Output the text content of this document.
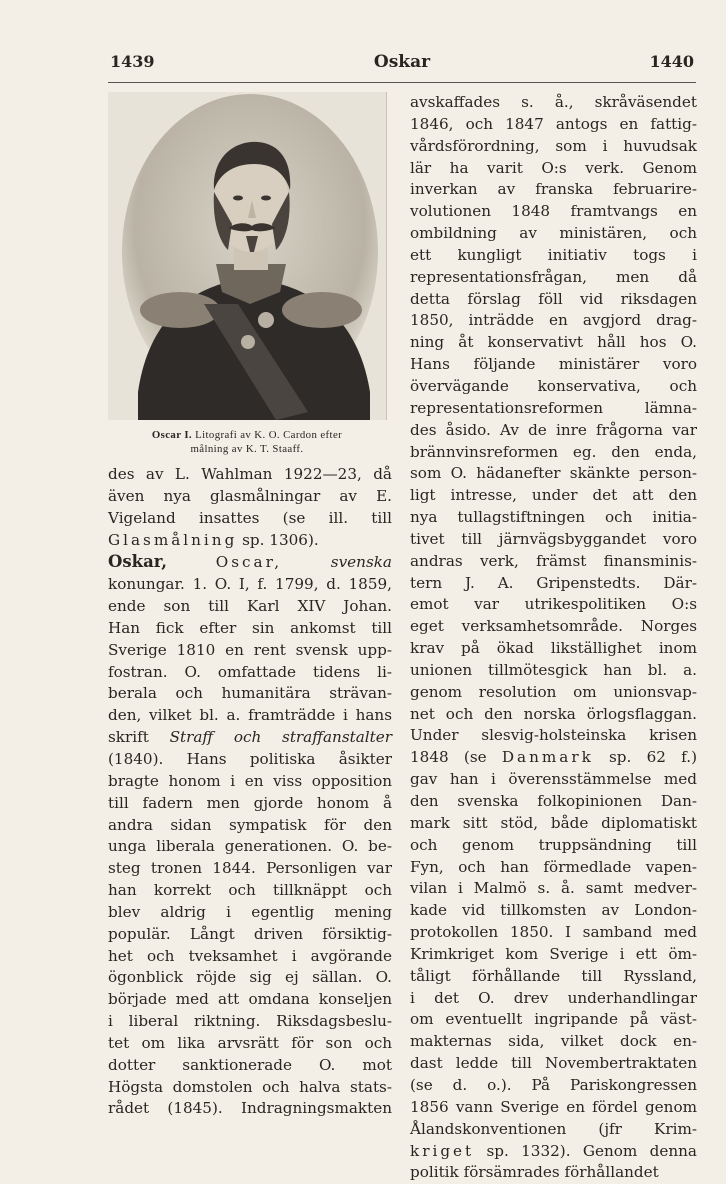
1439	Oskar	1440
Oscar I. Litografi av K. O. Cardon efter
målning av K. T. Staaff.
des av L. Wahlman 1922—23, då
även nya glasmålningar av E.
Vigeland insattes (se ill. till
Glasmålning sp. 1306).
Oskar,	Oscar,	svenska
konungar. 1. O. I, f. 1799, d. 1859,
ende son till Karl XIV Johan.
Han fick efter sin ankomst till
Sverige 1810 en rent svensk upp-
fostran. O. omfattade tidens li-
berala och humanitära strävan-
den, vilket bl. a. framträdde i hans
skrift Straff och straffanstalter
(1840). Hans politiska åsikter
bragte honom i en viss opposition
till fadern men gjorde honom å
andra sidan sympatisk för den
unga liberala generationen. O. be-
steg tronen 1844. Personligen var
han korrekt och tillknäppt och
blev aldrig i egentlig mening
populär. Långt driven försiktig-
het och tveksamhet i avgörande
ögonblick röjde sig ej sällan. O.
började med att omdana konseljen
i liberal riktning. Riksdagsbeslu-
tet om lika arvsrätt för son och
dotter sanktionerade O. mot
Högsta domstolen och halva stats-
rådet (1845). Indragningsmakten
avskaffades s. å., skråväsendet
1846, och 1847 antogs en fattig-
vårdsförordning, som i huvudsak
lär ha varit O:s verk. Genom
inverkan av franska februarire-
volutionen 1848 framtvangs en
ombildning av ministären, och
ett kungligt initiativ togs i
representationsfrågan, men då
detta förslag föll vid riksdagen
1850, inträdde en avgjord drag-
ning åt konservativt håll hos O.
Hans följande ministärer voro
övervägande konservativa, och
representationsreformen lämna-
des åsido. Av de inre frågorna var
brännvinsreformen eg. den enda,
som O. hädanefter skänkte person-
ligt intresse, under det att den
nya tullagstiftningen och initia-
tivet till järnvägsbyggandet voro
andras verk, främst finansminis-
tern J. A. Gripenstedts. Där-
emot var utrikespolitiken O:s
eget verksamhetsområde. Norges
krav på ökad likställighet inom
unionen tillmötesgick han bl. a.
genom resolution om unionsvap-
net och den norska örlogsflaggan.
Under slesvig-holsteinska krisen
1848 (se Danmark sp. 62 f.)
gav han i överensstämmelse med
den svenska folkopinionen Dan-
mark sitt stöd, både diplomatiskt
och genom truppsändning till
Fyn, och han förmedlade vapen-
vilan i Malmö s. å. samt medver-
kade vid tillkomsten av London-
protokollen 1850. I samband med
Krimkriget kom Sverige i ett öm-
tåligt förhållande till Ryssland,
i det O. drev underhandlingar
om eventuellt ingripande på väst-
makternas sida, vilket dock en-
dast ledde till Novembertraktaten
(se d. o.). På Pariskongressen
1856 vann Sverige en fördel genom
Ålandskonventionen (jfr Krim-
kriget sp. 1332). Genom denna
politik försämrades förhållandet
